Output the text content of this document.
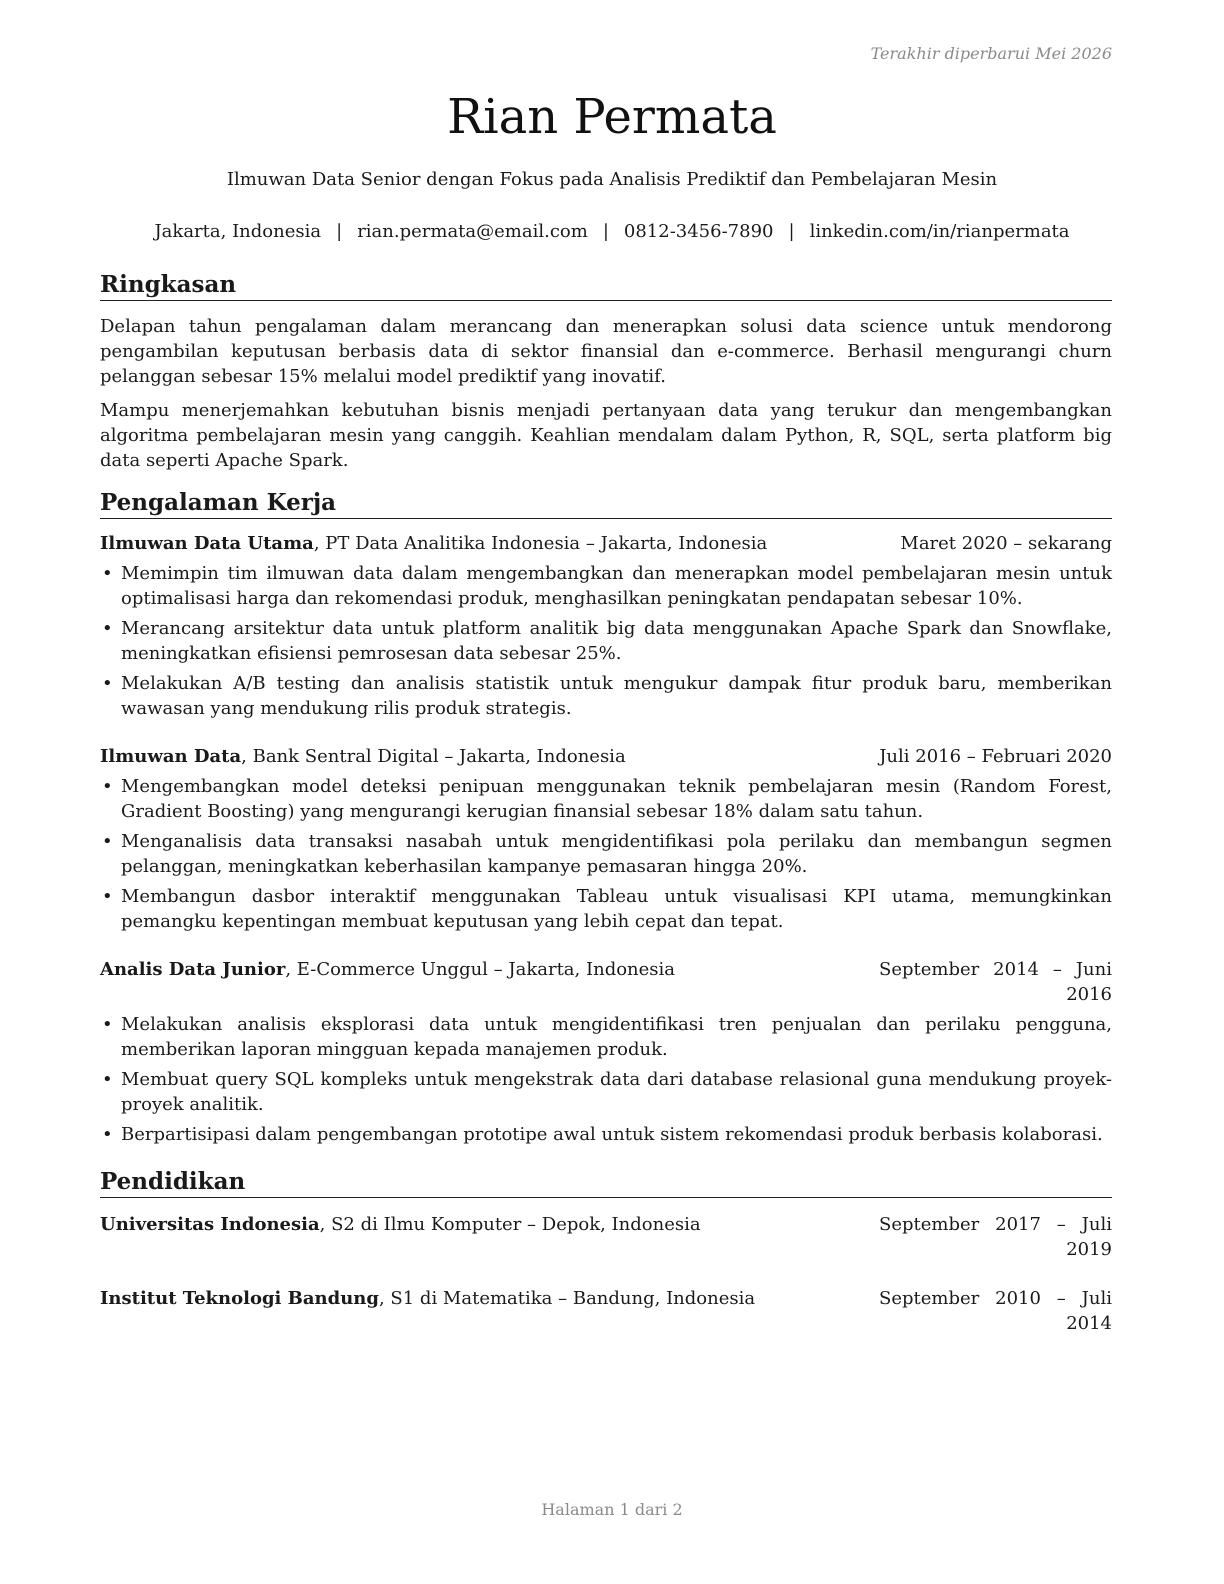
Terakhir diperbarui Mei 2026
Rian Permata
Ilmuwan Data Senior dengan Fokus pada Analisis Prediktif dan Pembelajaran Mesin
Jakarta, Indonesia | rian.permata@email.com | 0812-3456-7890 | linkedin.com/in/rianpermata
Ringkasan

Delapan tahun pengalaman dalam merancang dan menerapkan solusi data science untuk mendorong pengambilan keputusan berbasis data di sektor finansial dan e-commerce. Berhasil mengurangi churn pelanggan sebesar 15% melalui model prediktif yang inovatif.

Mampu menerjemahkan kebutuhan bisnis menjadi pertanyaan data yang terukur dan mengembangkan algoritma pembelajaran mesin yang canggih. Keahlian mendalam dalam Python, R, SQL, serta platform big data seperti Apache Spark.

Pengalaman Kerja
Ilmuwan Data Utama, PT Data Analitika Indonesia – Jakarta, Indonesia	Maret 2020 – sekarang
• Memimpin tim ilmuwan data dalam mengembangkan dan menerapkan model pembelajaran mesin untuk optimalisasi harga dan rekomendasi produk, menghasilkan peningkatan pendapatan sebesar 10%.
• Merancang arsitektur data untuk platform analitik big data menggunakan Apache Spark dan Snowflake, meningkatkan efisiensi pemrosesan data sebesar 25%.
• Melakukan A/B testing dan analisis statistik untuk mengukur dampak fitur produk baru, memberikan wawasan yang mendukung rilis produk strategis.
Ilmuwan Data, Bank Sentral Digital – Jakarta, Indonesia	Juli 2016 – Februari 2020
• Mengembangkan model deteksi penipuan menggunakan teknik pembelajaran mesin (Random Forest, Gradient Boosting) yang mengurangi kerugian finansial sebesar 18% dalam satu tahun.
• Menganalisis data transaksi nasabah untuk mengidentifikasi pola perilaku dan membangun segmen pelanggan, meningkatkan keberhasilan kampanye pemasaran hingga 20%.
• Membangun dasbor interaktif menggunakan Tableau untuk visualisasi KPI utama, memungkinkan pemangku kepentingan membuat keputusan yang lebih cepat dan tepat.
Analis Data Junior, E-Commerce Unggul – Jakarta, Indonesia	September 2014 – Juni 2016
• Melakukan analisis eksplorasi data untuk mengidentifikasi tren penjualan dan perilaku pengguna, memberikan laporan mingguan kepada manajemen produk.
• Membuat query SQL kompleks untuk mengekstrak data dari database relasional guna mendukung proyek-proyek analitik.
• Berpartisipasi dalam pengembangan prototipe awal untuk sistem rekomendasi produk berbasis kolaborasi.
Pendidikan
Universitas Indonesia, S2 di Ilmu Komputer – Depok, Indonesia	September 2017 – Juli 2019
Institut Teknologi Bandung, S1 di Matematika – Bandung, Indonesia	September 2010 – Juli 2014
Halaman 1 dari 2
